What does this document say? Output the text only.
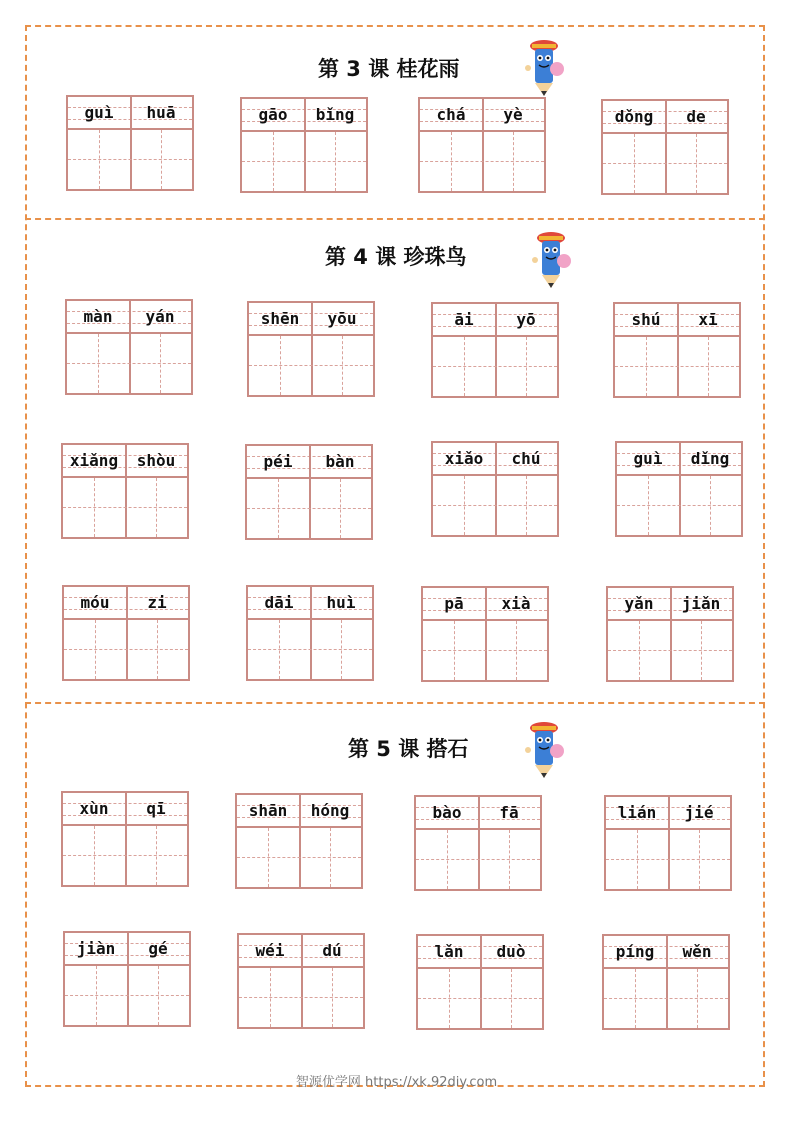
第 3 课 桂花雨
第 4 课 珍珠鸟
第 5 课 搭石
guì	huā	gāo	bǐng	chá	yè	dǒng	de
màn	yán	shēn	yōu	āi	yō	shú	xī
xiǎng	shòu	péi	bàn	xiǎo	chú	guì	dǐng
móu	zi	dāi	huì	pā	xià	yǎn	jiǎn
xùn	qī	shān	hóng	bào	fā	lián	jié
jiàn	gé	wéi	dú	lǎn	duò	píng	wěn
智源优学网 https://xk.92diy.com
